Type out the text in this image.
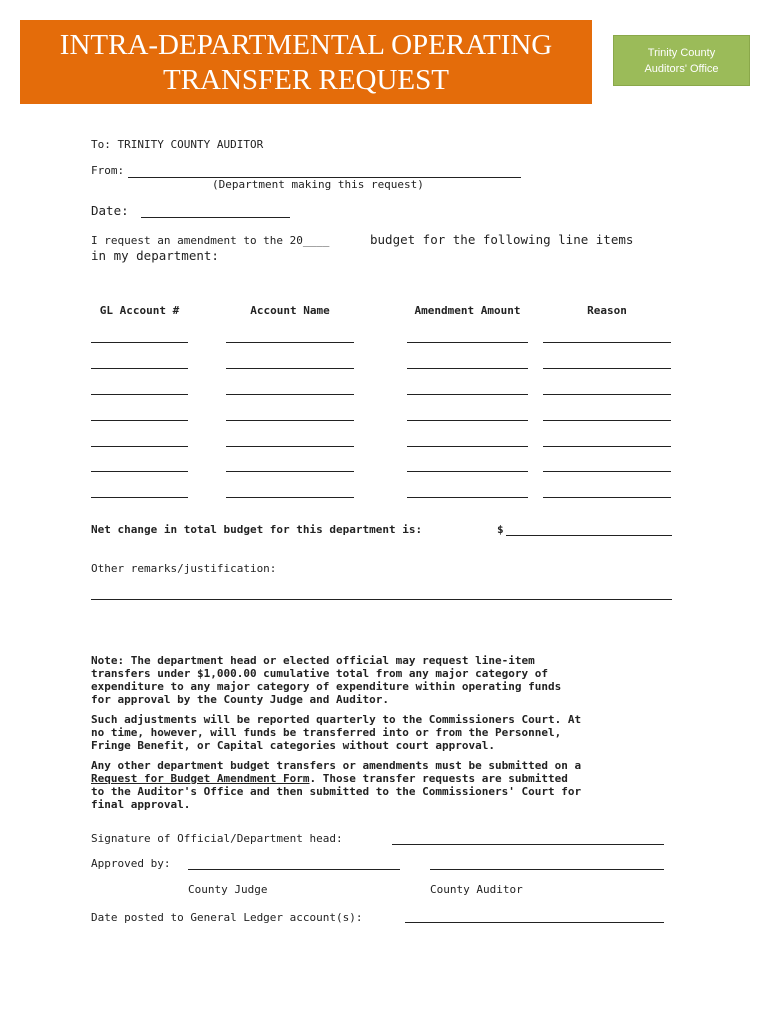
INTRA-DEPARTMENTAL OPERATING
TRANSFER REQUEST
Trinity County
Auditors' Office
To: TRINITY COUNTY AUDITOR
From:
(Department making this request)
Date:
I request an amendment to the 20____	budget for the following line items
in my department:
GL Account #	Account Name	Amendment Amount	Reason
Net change in total budget for this department is:	$
Other remarks/justification:
Note: The department head or elected official may request line-item
transfers under $1,000.00 cumulative total from any major category of
expenditure to any major category of expenditure within operating funds
for approval by the County Judge and Auditor.
Such adjustments will be reported quarterly to the Commissioners Court. At
no time, however, will funds be transferred into or from the Personnel,
Fringe Benefit, or Capital categories without court approval.
Any other department budget transfers or amendments must be submitted on a
Request for Budget Amendment Form. Those transfer requests are submitted
to the Auditor's Office and then submitted to the Commissioners' Court for
final approval.
Signature of Official/Department head:
Approved by:
County Judge	County Auditor
Date posted to General Ledger account(s):
